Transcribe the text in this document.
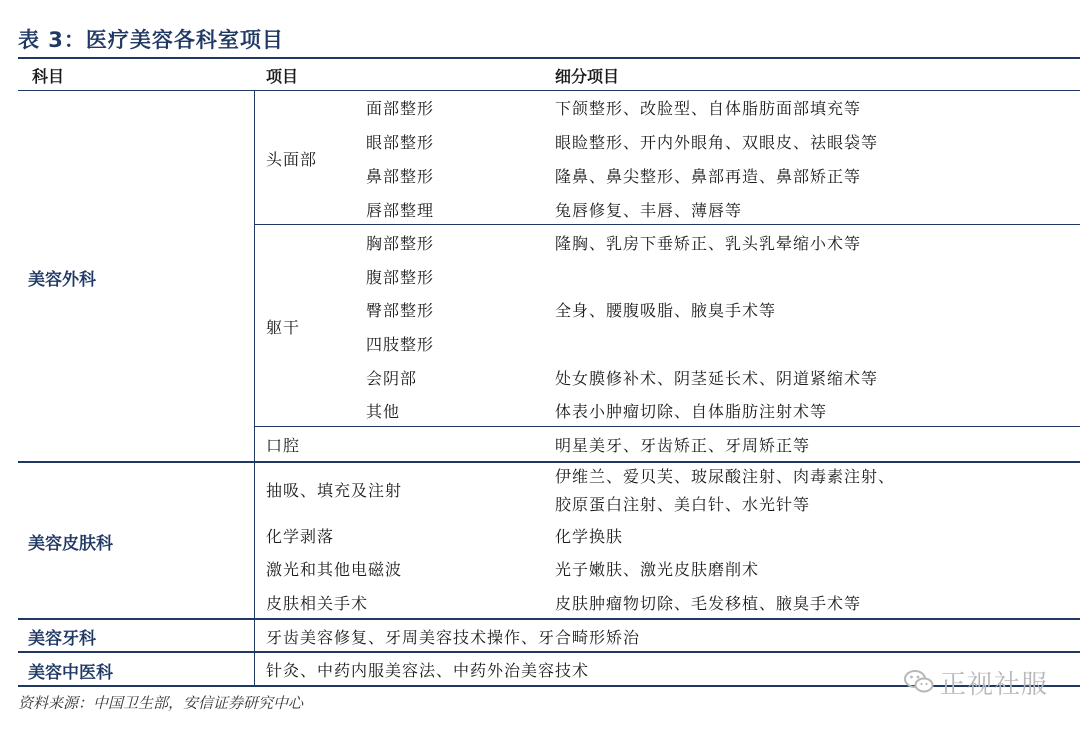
表 3：医疗美容各科室项目
科目	项目	细分项目
美容外科
头面部
面部整形	下颌整形、改脸型、自体脂肪面部填充等
眼部整形	眼睑整形、开内外眼角、双眼皮、祛眼袋等
鼻部整形	隆鼻、鼻尖整形、鼻部再造、鼻部矫正等
唇部整理	兔唇修复、丰唇、薄唇等
躯干
胸部整形	隆胸、乳房下垂矫正、乳头乳晕缩小术等
腹部整形
臀部整形	全身、腰腹吸脂、腋臭手术等
四肢整形
会阴部	处女膜修补术、阴茎延长术、阴道紧缩术等
其他	体表小肿瘤切除、自体脂肪注射术等
口腔	明星美牙、牙齿矫正、牙周矫正等
美容皮肤科
抽吸、填充及注射
伊维兰、爱贝芙、玻尿酸注射、肉毒素注射、
胶原蛋白注射、美白针、水光针等
化学剥落	化学换肤
激光和其他电磁波	光子嫩肤、激光皮肤磨削术
皮肤相关手术	皮肤肿瘤物切除、毛发移植、腋臭手术等
美容牙科	牙齿美容修复、牙周美容技术操作、牙合畸形矫治
美容中医科	针灸、中药内服美容法、中药外治美容技术
资料来源：中国卫生部，安信证券研究中心
正视社服
